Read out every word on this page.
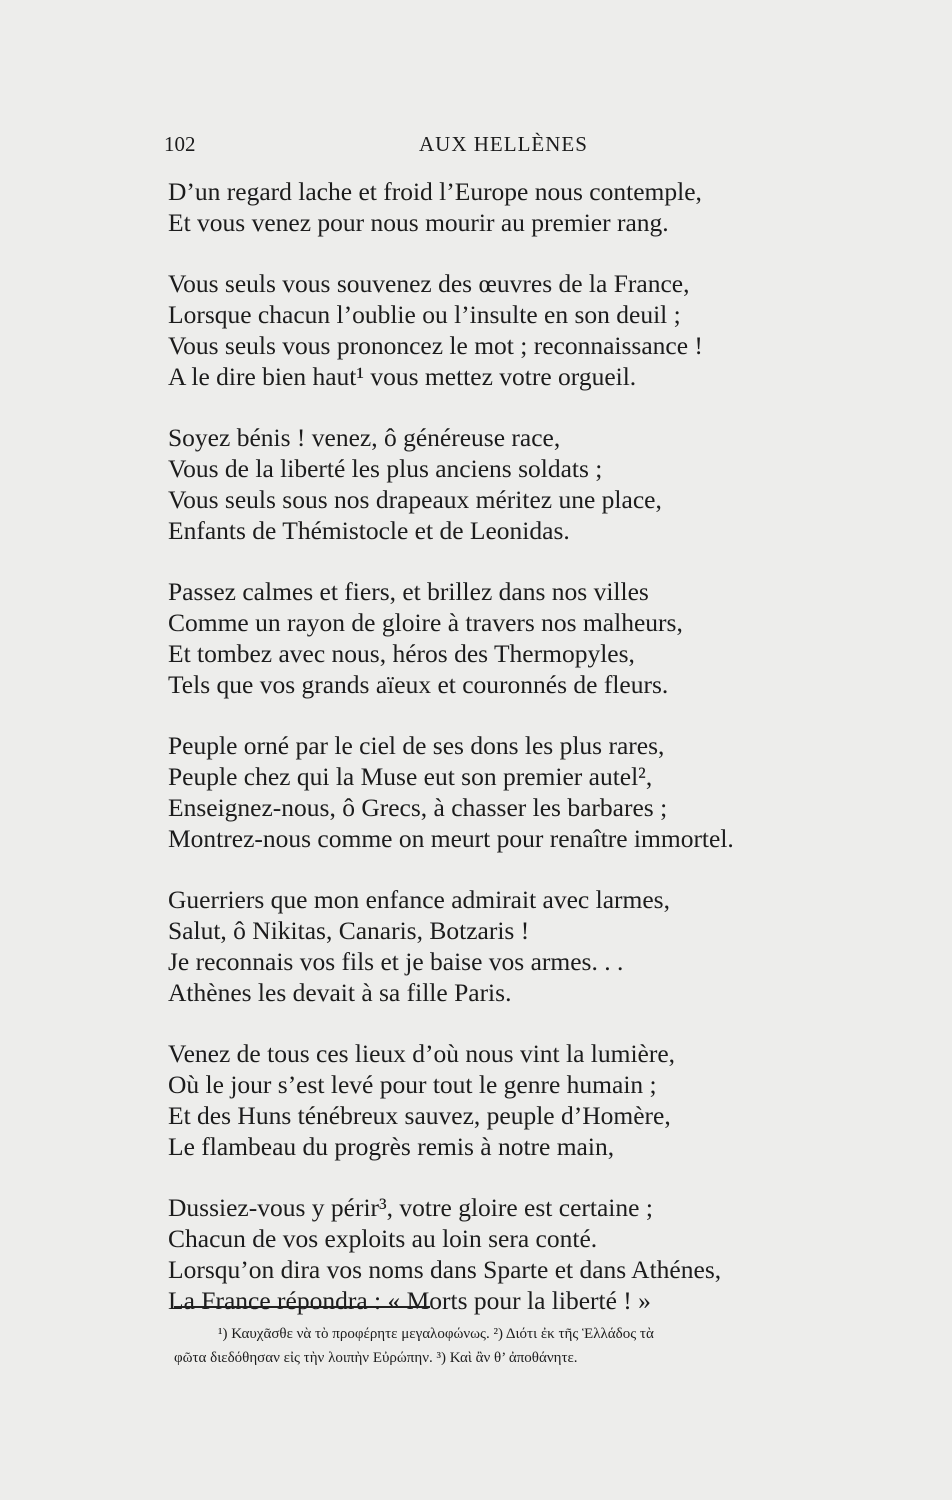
102	AUX HELLÈNES
D’un regard lache et froid l’Europe nous contemple,
Et vous venez pour nous mourir au premier rang.
Vous seuls vous souvenez des œuvres de la France,
Lorsque chacun l’oublie ou l’insulte en son deuil ;
Vous seuls vous prononcez le mot ; reconnaissance !
A le dire bien haut¹ vous mettez votre orgueil.
Soyez bénis ! venez, ô généreuse race,
Vous de la liberté les plus anciens soldats ;
Vous seuls sous nos drapeaux méritez une place,
Enfants de Thémistocle et de Leonidas.
Passez calmes et fiers, et brillez dans nos villes
Comme un rayon de gloire à travers nos malheurs,
Et tombez avec nous, héros des Thermopyles,
Tels que vos grands aïeux et couronnés de fleurs.
Peuple orné par le ciel de ses dons les plus rares,
Peuple chez qui la Muse eut son premier autel²,
Enseignez-nous, ô Grecs, à chasser les barbares ;
Montrez-nous comme on meurt pour renaître immortel.
Guerriers que mon enfance admirait avec larmes,
Salut, ô Nikitas, Canaris, Botzaris !
Je reconnais vos fils et je baise vos armes. . .
Athènes les devait à sa fille Paris.
Venez de tous ces lieux d’où nous vint la lumière,
Où le jour s’est levé pour tout le genre humain ;
Et des Huns ténébreux sauvez, peuple d’Homère,
Le flambeau du progrès remis à notre main,
Dussiez-vous y périr³, votre gloire est certaine ;
Chacun de vos exploits au loin sera conté.
Lorsqu’on dira vos noms dans Sparte et dans Athénes,
La France répondra : « Morts pour la liberté ! »
¹) Καυχᾶσθε νὰ τὸ προφέρητε μεγαλοφώνως. ²) Διότι ἐκ τῆς Ἑλλάδος τὰ
φῶτα διεδόθησαν εἰς τὴν λοιπὴν Εὐρώπην. ³) Καὶ ἂν θ’ ἀποθάνητε.
